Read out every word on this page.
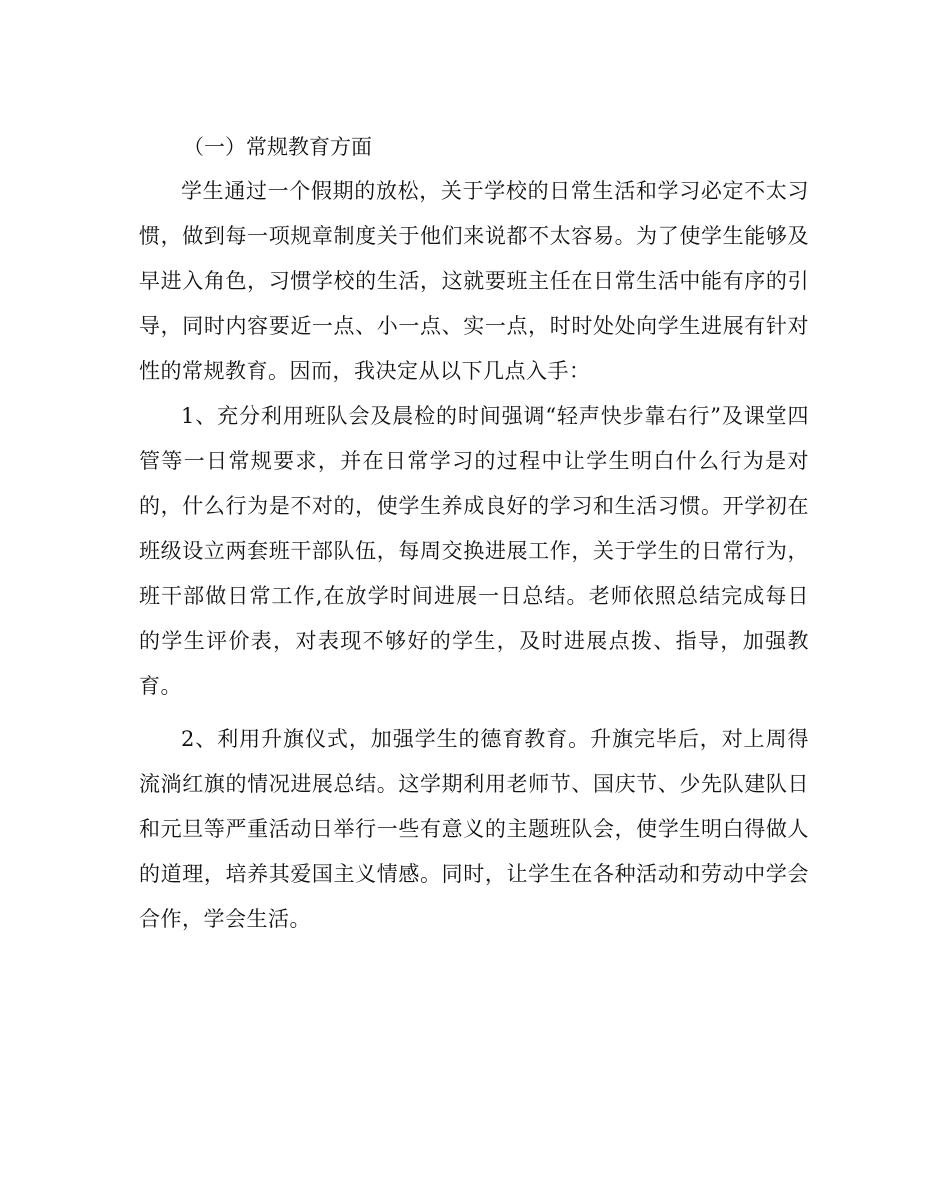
（一）常规教育方面

学生通过一个假期的放松，关于学校的日常生活和学习必定不太习惯，做到每一项规章制度关于他们来说都不太容易。为了使学生能够及早进入角色，习惯学校的生活，这就要班主任在日常生活中能有序的引导，同时内容要近一点、小一点、实一点，时时处处向学生进展有针对性的常规教育。因而，我决定从以下几点入手：

1、充分利用班队会及晨检的时间强调“轻声快步靠右行”及课堂四管等一日常规要求，并在日常学习的过程中让学生明白什么行为是对的，什么行为是不对的，使学生养成良好的学习和生活习惯。开学初在班级设立两套班干部队伍，每周交换进展工作，关于学生的日常行为，班干部做日常工作,在放学时间进展一日总结。老师依照总结完成每日的学生评价表，对表现不够好的学生，及时进展点拨、指导，加强教育。

2、利用升旗仪式，加强学生的德育教育。升旗完毕后，对上周得流淌红旗的情况进展总结。这学期利用老师节、国庆节、少先队建队日和元旦等严重活动日举行一些有意义的主题班队会，使学生明白得做人的道理，培养其爱国主义情感。同时，让学生在各种活动和劳动中学会合作，学会生活。
